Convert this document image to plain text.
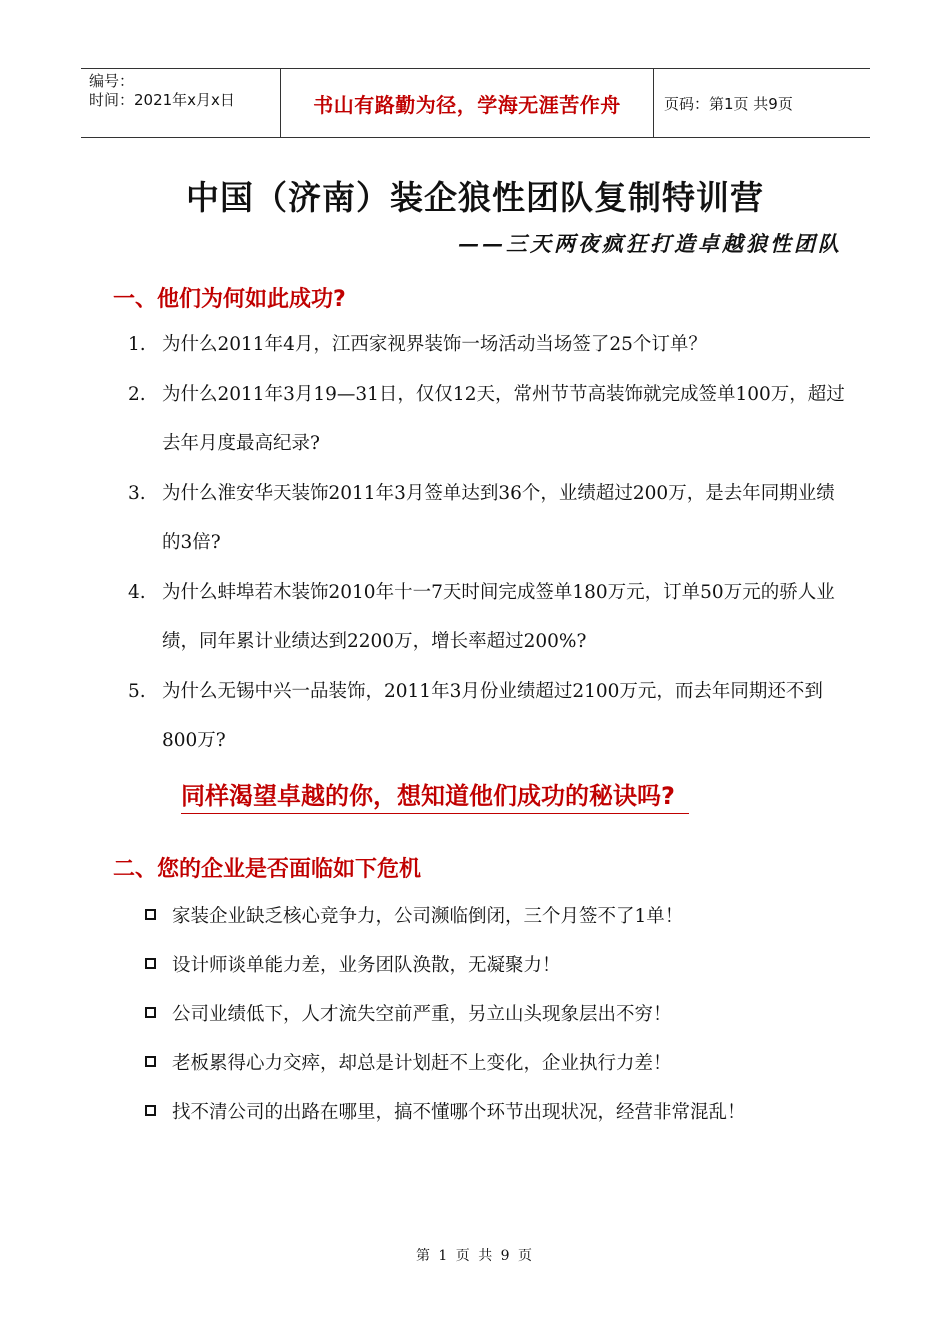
编号：
时间：2021年x月x日	书山有路勤为径，学海无涯苦作舟	页码：第1页 共9页
中国（济南）装企狼性团队复制特训营
——三天两夜疯狂打造卓越狼性团队
一、他们为何如此成功?
1. 为什么2011年4月，江西家视界装饰一场活动当场签了25个订单？
2. 为什么2011年3月19—31日，仅仅12天，常州节节高装饰就完成签单100万，超过去年月度最高纪录?
3. 为什么淮安华天装饰2011年3月签单达到36个，业绩超过200万，是去年同期业绩的3倍?
4. 为什么蚌埠若木装饰2010年十一7天时间完成签单180万元，订单50万元的骄人业绩，同年累计业绩达到2200万，增长率超过200%?
5. 为什么无锡中兴一品装饰，2011年3月份业绩超过2100万元，而去年同期还不到800万?
同样渴望卓越的你，想知道他们成功的秘诀吗?
二、您的企业是否面临如下危机
家装企业缺乏核心竞争力，公司濒临倒闭，三个月签不了1单！
设计师谈单能力差，业务团队涣散，无凝聚力！
公司业绩低下，人才流失空前严重，另立山头现象层出不穷！
老板累得心力交瘁，却总是计划赶不上变化，企业执行力差！
找不清公司的出路在哪里，搞不懂哪个环节出现状况，经营非常混乱！
第 1 页 共 9 页
